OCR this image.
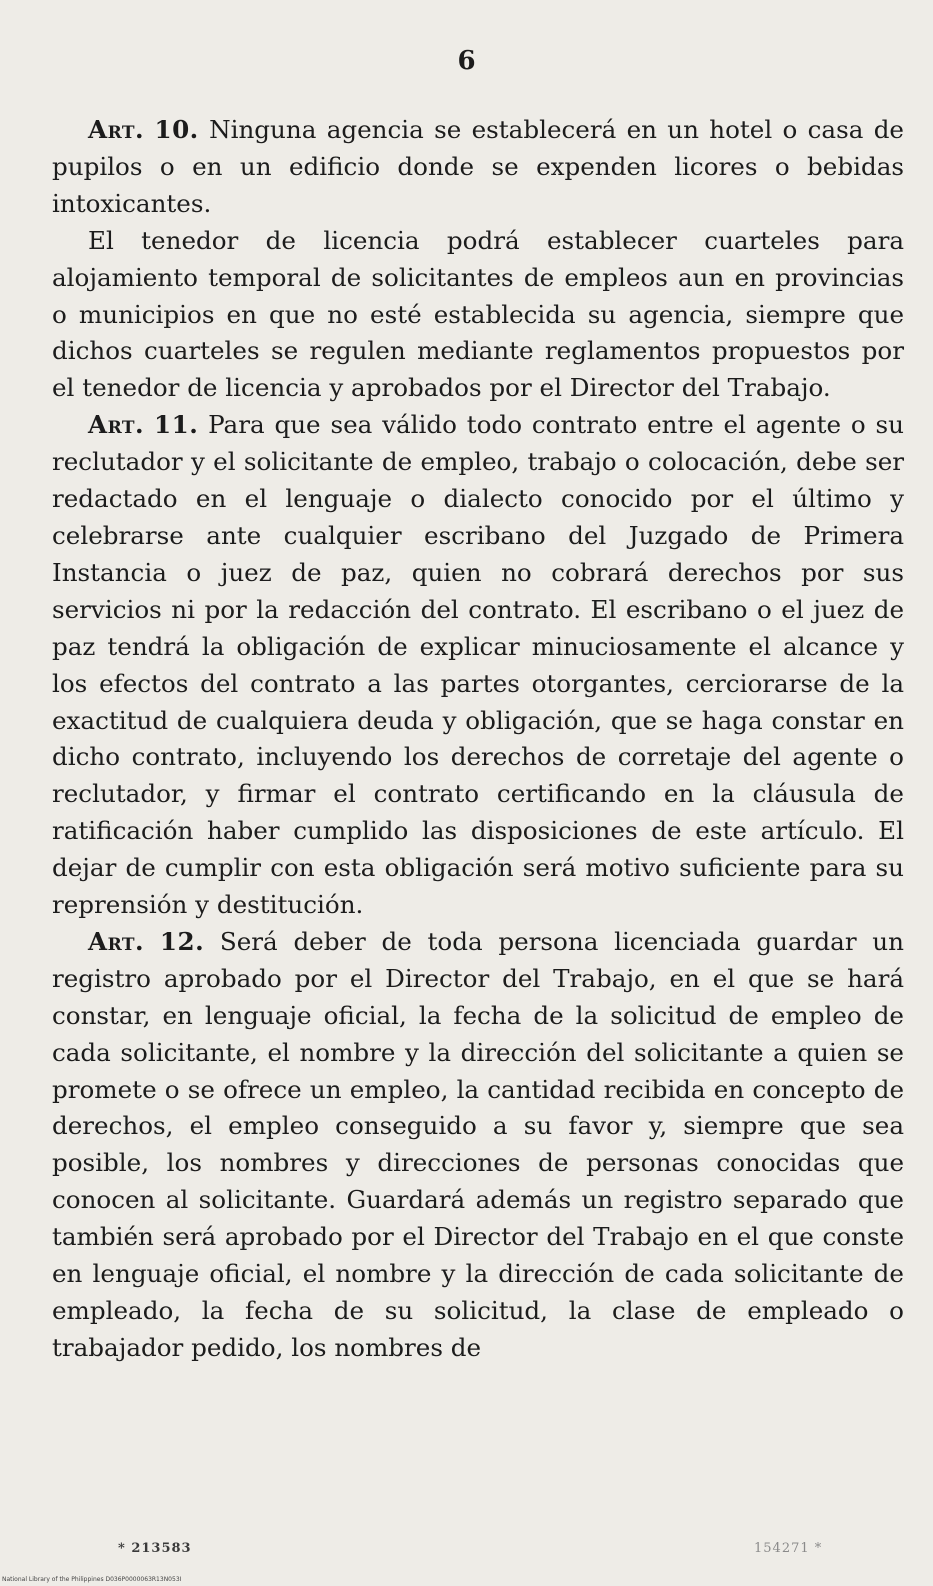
6

Art. 10. Ninguna agencia se establecerá en un hotel o casa de pupilos o en un edificio donde se expenden licores o bebidas intoxicantes.

El tenedor de licencia podrá establecer cuarteles para alojamiento temporal de solicitantes de empleos aun en provincias o municipios en que no esté establecida su agencia, siempre que dichos cuarteles se regulen mediante reglamentos propuestos por el tenedor de licencia y aprobados por el Director del Trabajo.

Art. 11. Para que sea válido todo contrato entre el agente o su reclutador y el solicitante de empleo, trabajo o colocación, debe ser redactado en el lenguaje o dialecto conocido por el último y celebrarse ante cualquier escribano del Juzgado de Primera Instancia o juez de paz, quien no cobrará derechos por sus servicios ni por la redacción del contrato. El escribano o el juez de paz tendrá la obligación de explicar minuciosamente el alcance y los efectos del contrato a las partes otorgantes, cerciorarse de la exactitud de cualquiera deuda y obligación, que se haga constar en dicho contrato, incluyendo los derechos de corretaje del agente o reclutador, y firmar el contrato certificando en la cláusula de ratificación haber cumplido las disposiciones de este artículo. El dejar de cumplir con esta obligación será motivo suficiente para su reprensión y destitución.

Art. 12. Será deber de toda persona licenciada guardar un registro aprobado por el Director del Trabajo, en el que se hará constar, en lenguaje oficial, la fecha de la solicitud de empleo de cada solicitante, el nombre y la dirección del solicitante a quien se promete o se ofrece un empleo, la cantidad recibida en concepto de derechos, el empleo conseguido a su favor y, siempre que sea posible, los nombres y direcciones de personas conocidas que conocen al solicitante. Guardará además un registro separado que también será aprobado por el Director del Trabajo en el que conste en lenguaje oficial, el nombre y la dirección de cada solicitante de empleado, la fecha de su solicitud, la clase de empleado o trabajador pedido, los nombres de

* 213583	154271 *
National Library of the Philippines D036P0000063R13N053I
